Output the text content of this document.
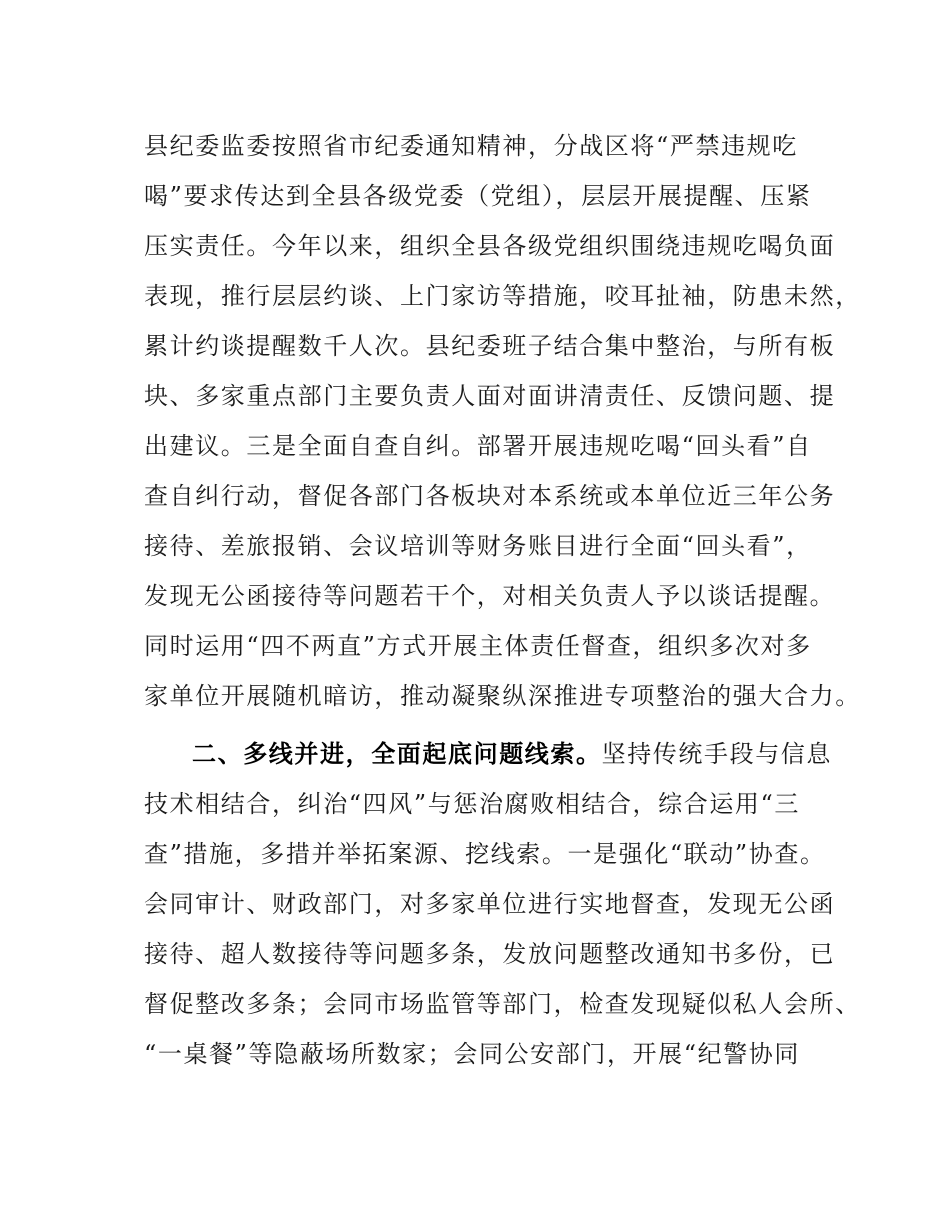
县纪委监委按照省市纪委通知精神，分战区将“严禁违规吃
喝”要求传达到全县各级党委（党组），层层开展提醒、压紧
压实责任。今年以来，组织全县各级党组织围绕违规吃喝负面
表现，推行层层约谈、上门家访等措施，咬耳扯袖，防患未然，
累计约谈提醒数千人次。县纪委班子结合集中整治，与所有板
块、多家重点部门主要负责人面对面讲清责任、反馈问题、提
出建议。三是全面自查自纠。部署开展违规吃喝“回头看”自
查自纠行动，督促各部门各板块对本系统或本单位近三年公务
接待、差旅报销、会议培训等财务账目进行全面“回头看”，
发现无公函接待等问题若干个，对相关负责人予以谈话提醒。
同时运用“四不两直”方式开展主体责任督查，组织多次对多
家单位开展随机暗访，推动凝聚纵深推进专项整治的强大合力。
二、多线并进，全面起底问题线索。坚持传统手段与信息
技术相结合，纠治“四风”与惩治腐败相结合，综合运用“三
查”措施，多措并举拓案源、挖线索。一是强化“联动”协查。
会同审计、财政部门，对多家单位进行实地督查，发现无公函
接待、超人数接待等问题多条，发放问题整改通知书多份，已
督促整改多条；会同市场监管等部门，检查发现疑似私人会所、
“一桌餐”等隐蔽场所数家；会同公安部门，开展“纪警协同
